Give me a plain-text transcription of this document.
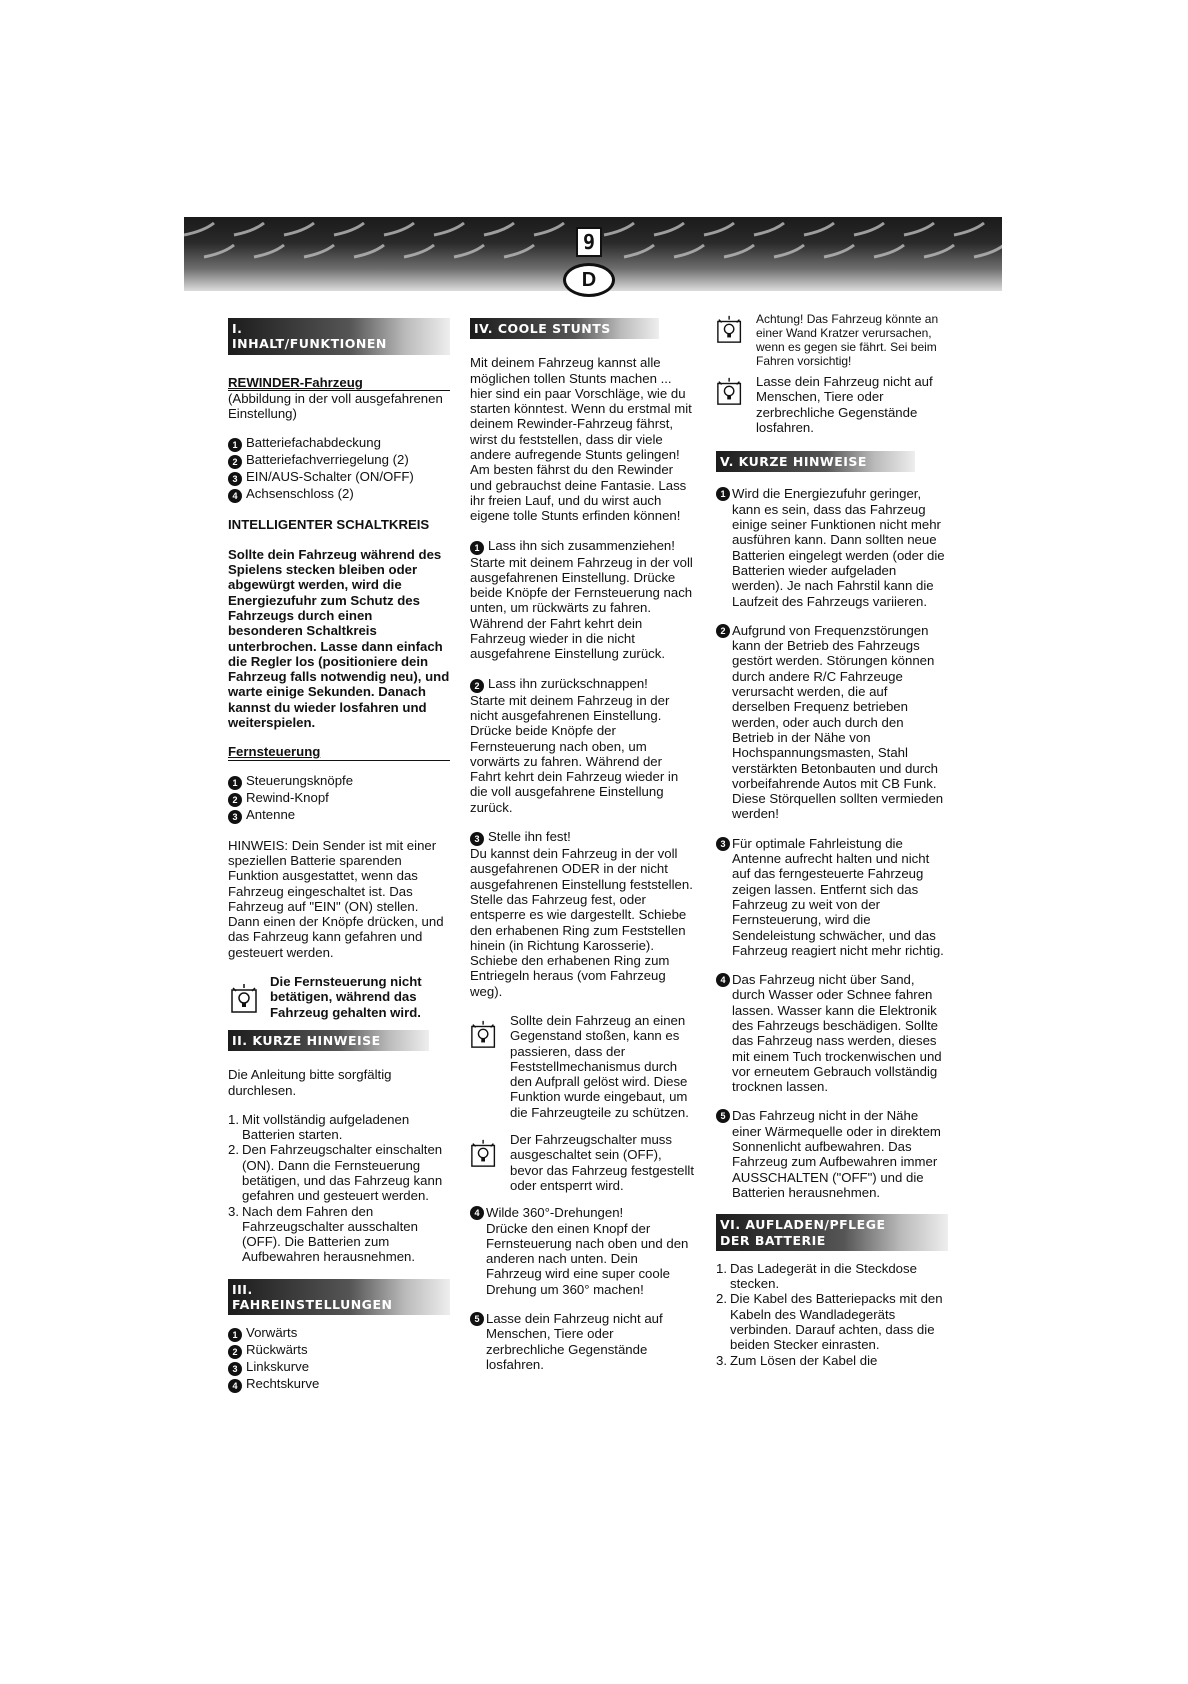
9
D
I. INHALT/FUNKTIONEN

REWINDER-Fahrzeug

(Abbildung in der voll ausgefahrenen Einstellung)

1 Batteriefachabdeckung
2 Batteriefachverriegelung (2)
3 EIN/AUS-Schalter (ON/OFF)
4 Achsenschloss (2)

INTELLIGENTER SCHALTKREIS

Sollte dein Fahrzeug während des Spielens stecken bleiben oder abgewürgt werden, wird die Energiezufuhr zum Schutz des Fahrzeugs durch einen besonderen Schaltkreis unterbrochen. Lasse dann einfach die Regler los (positioniere dein Fahrzeug falls notwendig neu), und warte einige Sekunden. Danach kannst du wieder losfahren und weiterspielen.

Fernsteuerung

1 Steuerungsknöpfe
2 Rewind-Knopf
3 Antenne

HINWEIS: Dein Sender ist mit einer speziellen Batterie sparenden Funktion ausgestattet, wenn das Fahrzeug eingeschaltet ist. Das Fahrzeug auf "EIN" (ON) stellen. Dann einen der Knöpfe drücken, und das Fahrzeug kann gefahren und gesteuert werden.

Die Fernsteuerung nicht betätigen, während das Fahrzeug gehalten wird.
II. KURZE HINWEISE

Die Anleitung bitte sorgfältig durchlesen.

1. Mit vollständig aufgeladenen Batterien starten.
2. Den Fahrzeugschalter einschalten (ON). Dann die Fernsteuerung betätigen, und das Fahrzeug kann gefahren und gesteuert werden.
3. Nach dem Fahren den Fahrzeugschalter ausschalten (OFF). Die Batterien zum Aufbewahren herausnehmen.
III. FAHREINSTELLUNGEN
1 Vorwärts
2 Rückwärts
3 Linkskurve
4 Rechtskurve
IV. COOLE STUNTS

Mit deinem Fahrzeug kannst alle möglichen tollen Stunts machen ... hier sind ein paar Vorschläge, wie du starten könntest. Wenn du erstmal mit deinem Rewinder-Fahrzeug fährst, wirst du feststellen, dass dir viele andere aufregende Stunts gelingen! Am besten fährst du den Rewinder und gebrauchst deine Fantasie. Lass ihr freien Lauf, und du wirst auch eigene tolle Stunts erfinden können!

1 Lass ihn sich zusammenziehen!

Starte mit deinem Fahrzeug in der voll ausgefahrenen Einstellung. Drücke beide Knöpfe der Fernsteuerung nach unten, um rückwärts zu fahren. Während der Fahrt kehrt dein Fahrzeug wieder in die nicht ausgefahrene Einstellung zurück.

2 Lass ihn zurückschnappen!

Starte mit deinem Fahrzeug in der nicht ausgefahrenen Einstellung. Drücke beide Knöpfe der Fernsteuerung nach oben, um vorwärts zu fahren. Während der Fahrt kehrt dein Fahrzeug wieder in die voll ausgefahrene Einstellung zurück.

3 Stelle ihn fest!

Du kannst dein Fahrzeug in der voll ausgefahrenen ODER in der nicht ausgefahrenen Einstellung feststellen. Stelle das Fahrzeug fest, oder entsperre es wie dargestellt. Schiebe den erhabenen Ring zum Feststellen hinein (in Richtung Karosserie). Schiebe den erhabenen Ring zum Entriegeln heraus (vom Fahrzeug weg).

Sollte dein Fahrzeug an einen Gegenstand stoßen, kann es passieren, dass der Feststellmechanismus durch den Aufprall gelöst wird. Diese Funktion wurde eingebaut, um die Fahrzeugteile zu schützen.
Der Fahrzeugschalter muss ausgeschaltet sein (OFF), bevor das Fahrzeug festgestellt oder entsperrt wird.
4 Wilde 360°-Drehungen!
Drücke den einen Knopf der Fernsteuerung nach oben und den anderen nach unten. Dein Fahrzeug wird eine super coole Drehung um 360° machen!
5 Lasse dein Fahrzeug nicht auf Menschen, Tiere oder zerbrechliche Gegenstände losfahren.
Achtung! Das Fahrzeug könnte an einer Wand Kratzer verursachen, wenn es gegen sie fährt. Sei beim Fahren vorsichtig!
Lasse dein Fahrzeug nicht auf Menschen, Tiere oder zerbrechliche Gegenstände losfahren.
V. KURZE HINWEISE
1 Wird die Energiezufuhr geringer, kann es sein, dass das Fahrzeug einige seiner Funktionen nicht mehr ausführen kann. Dann sollten neue Batterien eingelegt werden (oder die Batterien wieder aufgeladen werden). Je nach Fahrstil kann die Laufzeit des Fahrzeugs variieren.
2 Aufgrund von Frequenzstörungen kann der Betrieb des Fahrzeugs gestört werden. Störungen können durch andere R/C Fahrzeuge verursacht werden, die auf derselben Frequenz betrieben werden, oder auch durch den Betrieb in der Nähe von Hochspannungsmasten, Stahl verstärkten Betonbauten und durch vorbeifahrende Autos mit CB Funk. Diese Störquellen sollten vermieden werden!
3 Für optimale Fahrleistung die Antenne aufrecht halten und nicht auf das ferngesteuerte Fahrzeug zeigen lassen. Entfernt sich das Fahrzeug zu weit von der Fernsteuerung, wird die Sendeleistung schwächer, und das Fahrzeug reagiert nicht mehr richtig.
4 Das Fahrzeug nicht über Sand, durch Wasser oder Schnee fahren lassen. Wasser kann die Elektronik des Fahrzeugs beschädigen. Sollte das Fahrzeug nass werden, dieses mit einem Tuch trockenwischen und vor erneutem Gebrauch vollständig trocknen lassen.
5 Das Fahrzeug nicht in der Nähe einer Wärmequelle oder in direktem Sonnenlicht aufbewahren. Das Fahrzeug zum Aufbewahren immer AUSSCHALTEN ("OFF") und die Batterien herausnehmen.
VI. AUFLADEN/PFLEGE DER BATTERIE
1. Das Ladegerät in die Steckdose stecken.
2. Die Kabel des Batteriepacks mit den Kabeln des Wandladegeräts verbinden. Darauf achten, dass die beiden Stecker einrasten.
3. Zum Lösen der Kabel die
